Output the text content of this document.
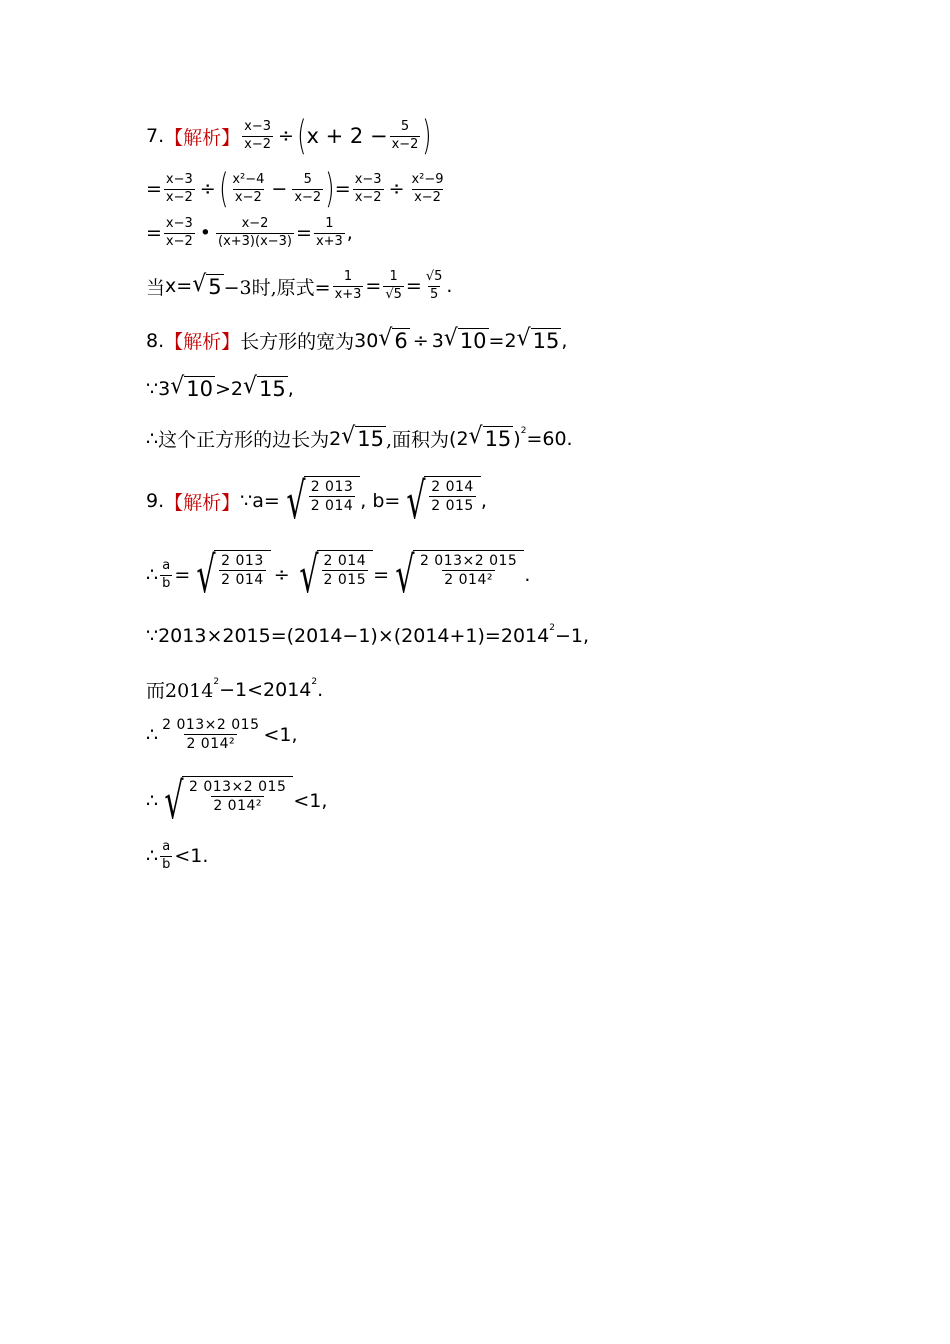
7. 【解析】 $\frac{x-3}{x-2}$ ÷ ( $x + 2 - \frac{5}{x-2}$ )
= $\frac{x-3}{x-2}$ ÷ ( $\frac{\text{x²−4}}{x-2} - \frac{5}{x-2}$ ) = $\frac{x-3}{x-2} \div \frac{\text{x²−9}}{x-2}$
= $\frac{x-3}{x-2}$ • $\frac{x-2}{(x+3)(x-3)} = \frac{1}{x+3}$ ,
当 x= √ 5 −3时,原式= $\frac{1}{x+3} = \frac{1}{√5} = \frac{√5}{5}$ .
8. 【解析】 长方形的宽为 30 √ 6 ÷ 3 √ 10 = 2 √ 15 ,
∵ 3 √ 10 > 2 √ 15 ,
∴ 这个正方形的边长为 2 √ 15 ,面积为 ( 2 √ 15 ) 2 =60.
9. 【解析】 ∵ a= √ $\frac{2 013}{2 014}$ , b= √ $\frac{2 014}{2 015}$ ,
∴ $\frac{a}{b}$ = √ $\frac{2 013}{2 014}$ ÷ √ $\frac{2 014}{2 015}$ = √ $\frac{2 013\times 2 015}{\text{2 014²}}$ .
∵ 2013×2015=(2014−1)×(2014+1)=2014 2 −1,
而2014 2 −1<2014 2 .
∴ $\frac{2 013\times 2 015}{\text{2 014²}} <1$,
∴ √ $\frac{2 013\times 2 015}{\text{2 014²}} <1$,
∴ $\frac{a}{b} <1$.
